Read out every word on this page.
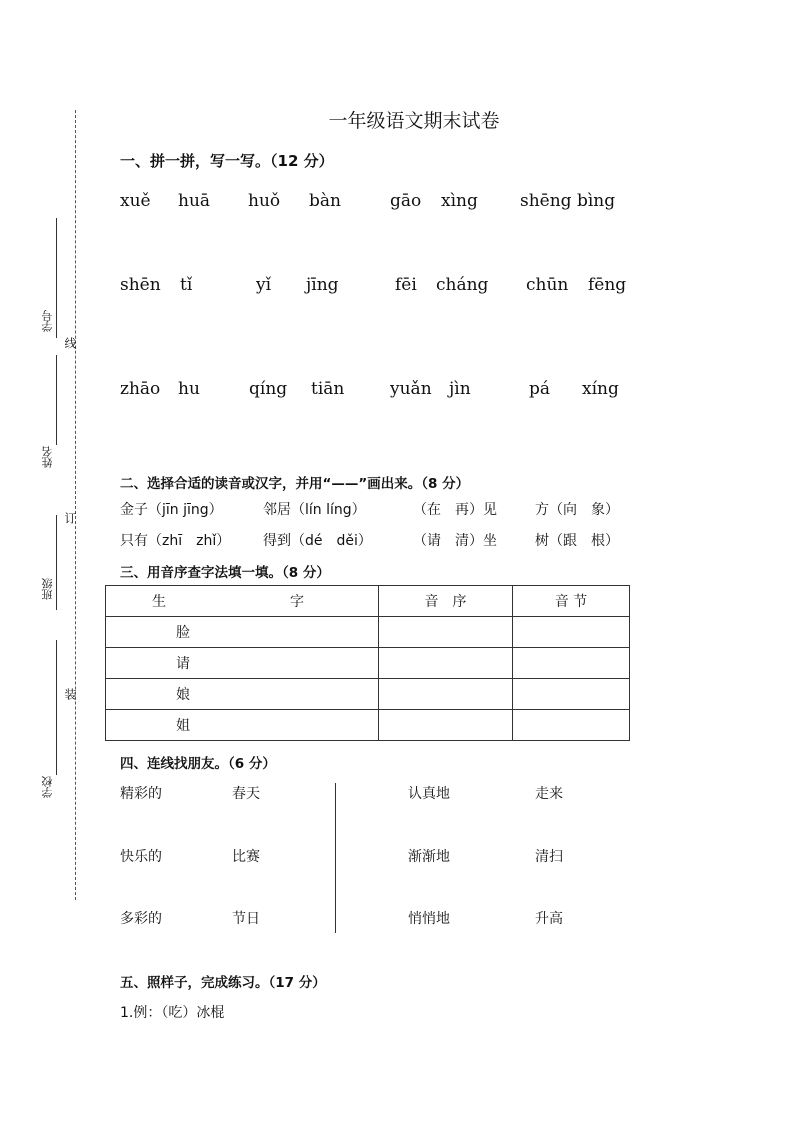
学号
姓名
班级
学校
线
订
装
一年级语文期末试卷
一、拼一拼，写一写。（12 分）
xuě huā huǒ bàn	gāo xìng shēng bìng
shēn tǐ	yǐ jīng	fēi cháng chūn fēng
zhāo hu	qíng tiān	yuǎn jìn	pá xíng
二、选择合适的读音或汉字，并用“——”画出来。（8 分）
金子（jīn jīng）	邻居（lín líng）	（在　再）见	方（向　象）
只有（zhī　zhǐ） 得到（dé　děi）	（请　清）坐	树（跟　根）
三、用音序查字法填一填。（8 分）
生 字	音　序	音 节
脸		
请		
娘		
姐		
四、连线找朋友。（6 分）
精彩的	春天	认真地	走来
快乐的	比赛	渐渐地	清扫
多彩的	节日	悄悄地	升高
五、照样子，完成练习。（17 分）
1.例：（吃）冰棍
